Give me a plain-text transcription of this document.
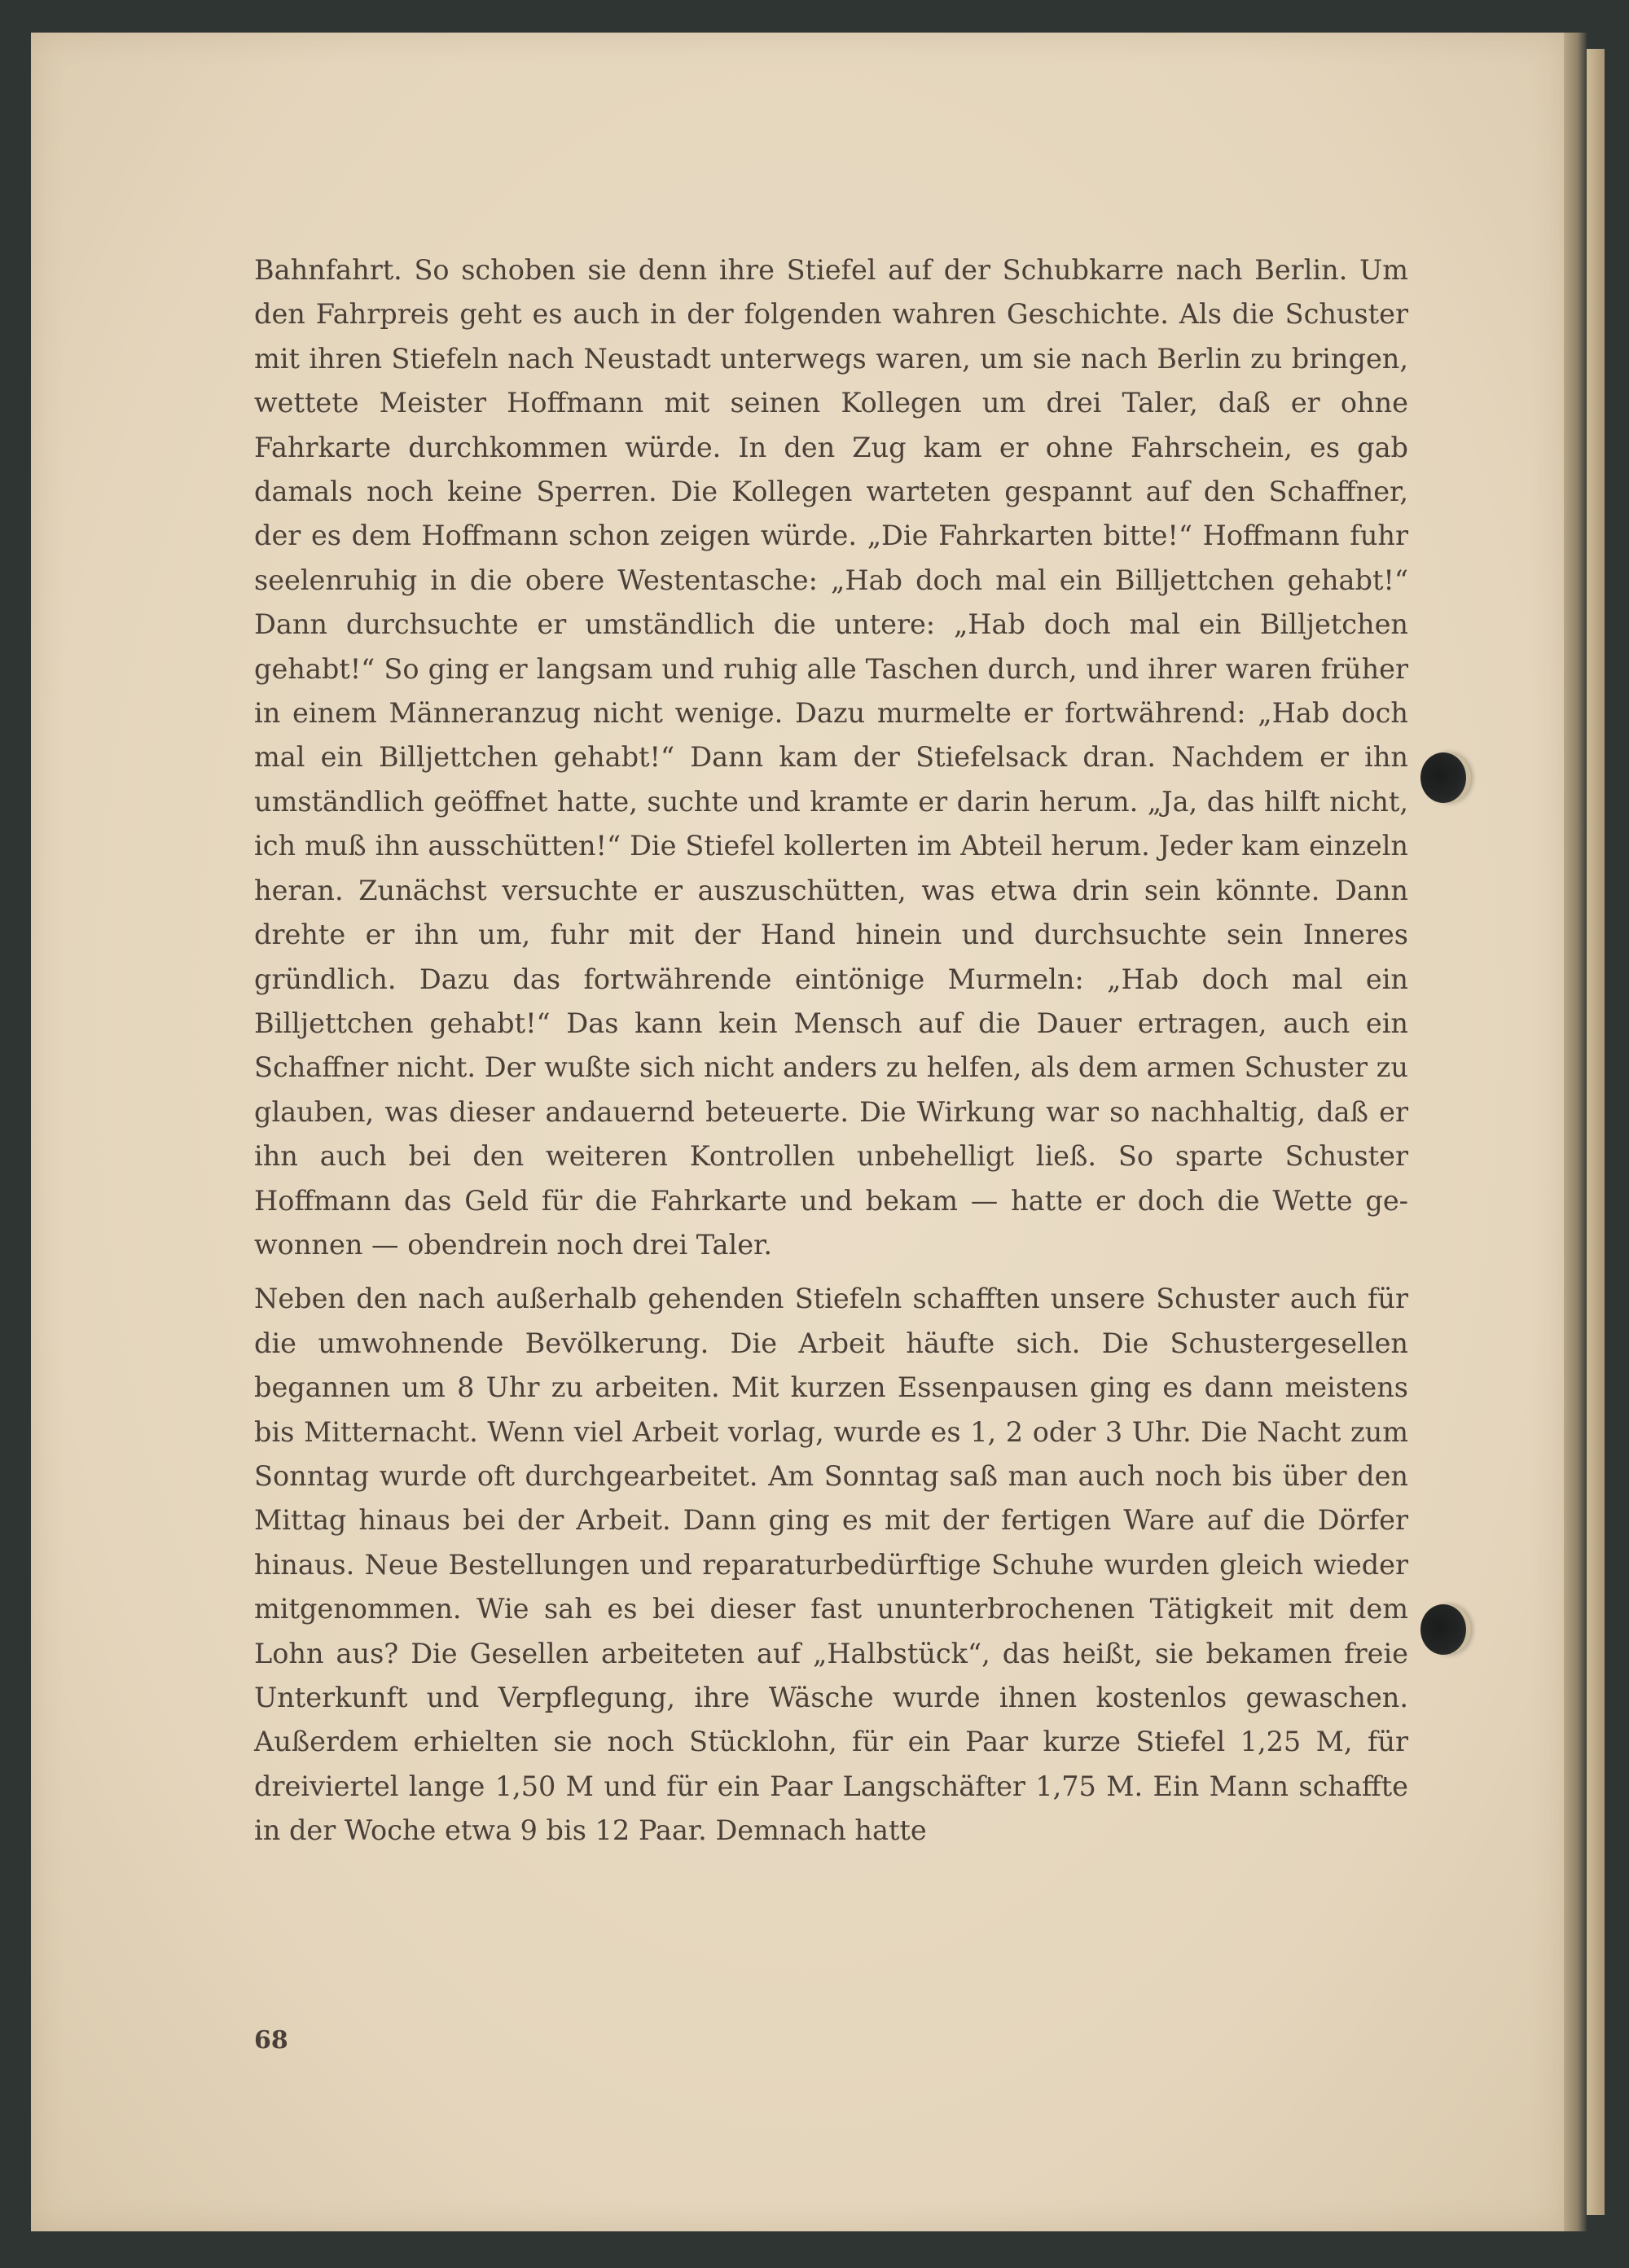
Bahnfahrt. So schoben sie denn ihre Stiefel auf der Schubkarre nach Berlin. Um den Fahrpreis geht es auch in der folgenden wahren Geschichte. Als die Schuster mit ihren Stiefeln nach Neustadt unterwegs waren, um sie nach Berlin zu bringen, wettete Meister Hoffmann mit seinen Kollegen um drei Taler, daß er ohne Fahrkarte durchkommen würde. In den Zug kam er ohne Fahrschein, es gab damals noch keine Sperren. Die Kollegen warteten gespannt auf den Schaffner, der es dem Hoffmann schon zeigen würde. „Die Fahrkarten bitte!“ Hoffmann fuhr seelenruhig in die obere Westentasche: „Hab doch mal ein Billjettchen gehabt!“ Dann durchsuchte er umständlich die untere: „Hab doch mal ein Billjetchen gehabt!“ So ging er langsam und ruhig alle Taschen durch, und ihrer waren früher in einem Männeranzug nicht wenige. Dazu murmelte er fortwährend: „Hab doch mal ein Billjettchen gehabt!“ Dann kam der Stiefelsack dran. Nachdem er ihn umständlich geöffnet hatte, suchte und kramte er darin herum. „Ja, das hilft nicht, ich muß ihn ausschütten!“ Die Stiefel kollerten im Abteil herum. Jeder kam einzeln heran. Zunächst versuchte er auszuschütten, was etwa drin sein könnte. Dann drehte er ihn um, fuhr mit der Hand hinein und durchsuchte sein Inneres gründlich. Dazu das fortwährende eintönige Murmeln: „Hab doch mal ein Billjettchen gehabt!“ Das kann kein Mensch auf die Dauer ertragen, auch ein Schaffner nicht. Der wußte sich nicht anders zu helfen, als dem armen Schuster zu glauben, was dieser andauernd beteuerte. Die Wirkung war so nachhaltig, daß er ihn auch bei den weiteren Kontrollen unbehelligt ließ. So sparte Schuster Hoffmann das Geld für die Fahrkarte und bekam — hatte er doch die Wette gewonnen — obendrein noch drei Taler.

Neben den nach außerhalb gehenden Stiefeln schafften unsere Schuster auch für die umwohnende Bevölkerung. Die Arbeit häufte sich. Die Schustergesellen begannen um 8 Uhr zu arbeiten. Mit kurzen Essenpausen ging es dann meistens bis Mitternacht. Wenn viel Arbeit vorlag, wurde es 1, 2 oder 3 Uhr. Die Nacht zum Sonntag wurde oft durchgearbeitet. Am Sonntag saß man auch noch bis über den Mittag hinaus bei der Arbeit. Dann ging es mit der fertigen Ware auf die Dörfer hinaus. Neue Bestellungen und reparaturbedürftige Schuhe wurden gleich wieder mitgenommen. Wie sah es bei dieser fast ununterbrochenen Tätigkeit mit dem Lohn aus? Die Gesellen arbeiteten auf „Halbstück“, das heißt, sie bekamen freie Unterkunft und Verpflegung, ihre Wäsche wurde ihnen kostenlos gewaschen. Außerdem erhielten sie noch Stücklohn, für ein Paar kurze Stiefel 1,25 M, für dreiviertel lange 1,50 M und für ein Paar Langschäfter 1,75 M. Ein Mann schaffte in der Woche etwa 9 bis 12 Paar. Demnach hatte

68
